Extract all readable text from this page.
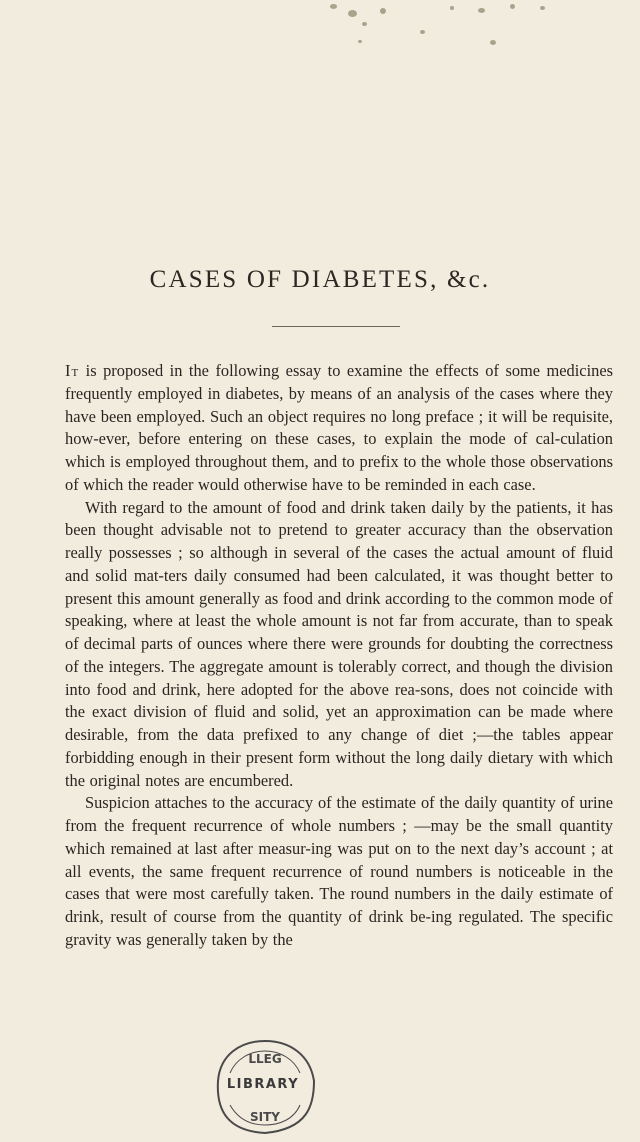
CASES OF DIABETES, &c.

It is proposed in the following essay to examine the effects of some medicines frequently employed in diabetes, by means of an analysis of the cases where they have been employed. Such an object requires no long preface ; it will be requisite, how-ever, before entering on these cases, to explain the mode of cal-culation which is employed throughout them, and to prefix to the whole those observations of which the reader would otherwise have to be reminded in each case.

With regard to the amount of food and drink taken daily by the patients, it has been thought advisable not to pretend to greater accuracy than the observation really possesses ; so although in several of the cases the actual amount of fluid and solid mat-ters daily consumed had been calculated, it was thought better to present this amount generally as food and drink according to the common mode of speaking, where at least the whole amount is not far from accurate, than to speak of decimal parts of ounces where there were grounds for doubting the correctness of the integers. The aggregate amount is tolerably correct, and though the division into food and drink, here adopted for the above rea-sons, does not coincide with the exact division of fluid and solid, yet an approximation can be made where desirable, from the data prefixed to any change of diet ;—the tables appear forbidding enough in their present form without the long daily dietary with which the original notes are encumbered.

Suspicion attaches to the accuracy of the estimate of the daily quantity of urine from the frequent recurrence of whole numbers ; —may be the small quantity which remained at last after measur-ing was put on to the next day’s account ; at all events, the same frequent recurrence of round numbers is noticeable in the cases that were most carefully taken. The round numbers in the daily estimate of drink, result of course from the quantity of drink be-ing regulated. The specific gravity was generally taken by the

LLEG
SITY
LIBRARY
